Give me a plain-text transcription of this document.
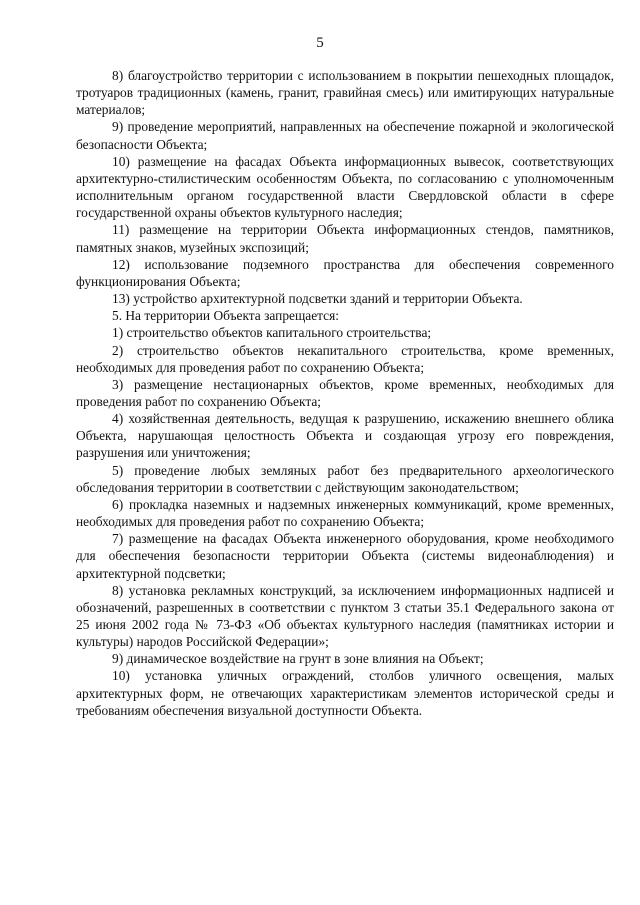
5

8) благоустройство территории с использованием в покрытии пешеходных площадок, тротуаров традиционных (камень, гранит, гравийная смесь) или имитирующих натуральные материалов;

9) проведение мероприятий, направленных на обеспечение пожарной и экологической безопасности Объекта;

10) размещение на фасадах Объекта информационных вывесок, соответствующих архитектурно-стилистическим особенностям Объекта, по согласованию с уполномоченным исполнительным органом государственной власти Свердловской области в сфере государственной охраны объектов культурного наследия;

11) размещение на территории Объекта информационных стендов, памятников, памятных знаков, музейных экспозиций;

12) использование подземного пространства для обеспечения современного функционирования Объекта;

13) устройство архитектурной подсветки зданий и территории Объекта.

5. На территории Объекта запрещается:

1) строительство объектов капитального строительства;

2) строительство объектов некапитального строительства, кроме временных, необходимых для проведения работ по сохранению Объекта;

3) размещение нестационарных объектов, кроме временных, необходимых для проведения работ по сохранению Объекта;

4) хозяйственная деятельность, ведущая к разрушению, искажению внешнего облика Объекта, нарушающая целостность Объекта и создающая угрозу его повреждения, разрушения или уничтожения;

5) проведение любых земляных работ без предварительного археологического обследования территории в соответствии с действующим законодательством;

6) прокладка наземных и надземных инженерных коммуникаций, кроме временных, необходимых для проведения работ по сохранению Объекта;

7) размещение на фасадах Объекта инженерного оборудования, кроме необходимого для обеспечения безопасности территории Объекта (системы видеонаблюдения) и архитектурной подсветки;

8) установка рекламных конструкций, за исключением информационных надписей и обозначений, разрешенных в соответствии с пунктом 3 статьи 35.1 Федерального закона от 25 июня 2002 года № 73-ФЗ «Об объектах культурного наследия (памятниках истории и культуры) народов Российской Федерации»;

9) динамическое воздействие на грунт в зоне влияния на Объект;

10) установка уличных ограждений, столбов уличного освещения, малых архитектурных форм, не отвечающих характеристикам элементов исторической среды и требованиям обеспечения визуальной доступности Объекта.
